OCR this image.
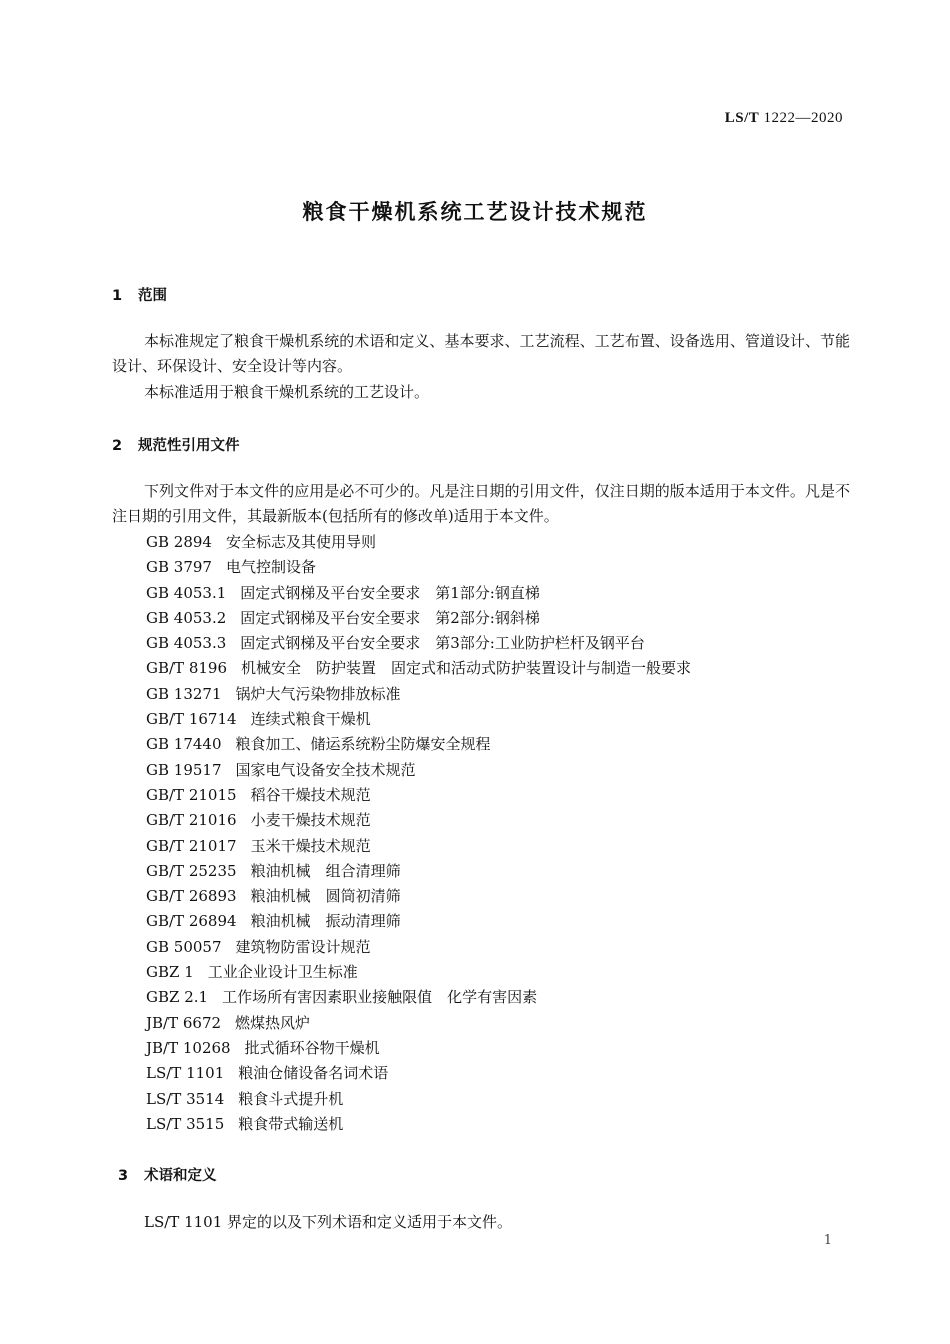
LS/T 1222—2020
粮食干燥机系统工艺设计技术规范
1 范围
本标准规定了粮食干燥机系统的术语和定义、基本要求、工艺流程、工艺布置、设备选用、管道设计、节能设计、环保设计、安全设计等内容。
本标准适用于粮食干燥机系统的工艺设计。
2 规范性引用文件
下列文件对于本文件的应用是必不可少的。凡是注日期的引用文件，仅注日期的版本适用于本文件。凡是不注日期的引用文件，其最新版本(包括所有的修改单)适用于本文件。
GB 2894 安全标志及其使用导则
GB 3797 电气控制设备
GB 4053.1 固定式钢梯及平台安全要求　第1部分:钢直梯
GB 4053.2 固定式钢梯及平台安全要求　第2部分:钢斜梯
GB 4053.3 固定式钢梯及平台安全要求　第3部分:工业防护栏杆及钢平台
GB/T 8196 机械安全　防护装置　固定式和活动式防护装置设计与制造一般要求
GB 13271 锅炉大气污染物排放标准
GB/T 16714 连续式粮食干燥机
GB 17440 粮食加工、储运系统粉尘防爆安全规程
GB 19517 国家电气设备安全技术规范
GB/T 21015 稻谷干燥技术规范
GB/T 21016 小麦干燥技术规范
GB/T 21017 玉米干燥技术规范
GB/T 25235 粮油机械　组合清理筛
GB/T 26893 粮油机械　圆筒初清筛
GB/T 26894 粮油机械　振动清理筛
GB 50057 建筑物防雷设计规范
GBZ 1 工业企业设计卫生标准
GBZ 2.1 工作场所有害因素职业接触限值　化学有害因素
JB/T 6672 燃煤热风炉
JB/T 10268 批式循环谷物干燥机
LS/T 1101 粮油仓储设备名词术语
LS/T 3514 粮食斗式提升机
LS/T 3515 粮食带式输送机
3 术语和定义
LS/T 1101 界定的以及下列术语和定义适用于本文件。
1
